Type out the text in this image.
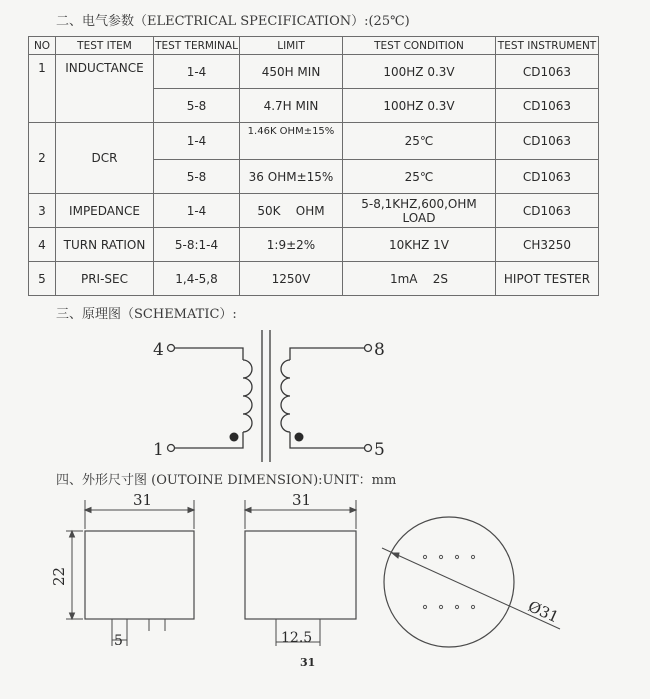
二、电气参数（ELECTRICAL SPECIFICATION）:(25℃)
NO	TEST ITEM	TEST TERMINAL	LIMIT	TEST CONDITION	TEST INSTRUMENT
1	INDUCTANCE	1-4	450H MIN	100HZ 0.3V	CD1063
		5-8	4.7H MIN	100HZ 0.3V	CD1063
2	DCR	1-4	1.46K OHM±15%	25℃	CD1063
		5-8	36 OHM±15%	25℃	CD1063
3	IMPEDANCE	1-4	50K    OHM	5-8,1KHZ,600,OHM LOAD	CD1063
4	TURN RATION	5-8:1-4	1:9±2%	10KHZ 1V	CH3250
5	PRI-SEC	1,4-5,8	1250V	1mA    2S	HIPOT TESTER
三、原理图（SCHEMATIC）:
4
1
8
5
31
22
5
31
12.5
Ø31
四、外形尺寸图 (OUTOINE DIMENSION):UNIT：mm
31
